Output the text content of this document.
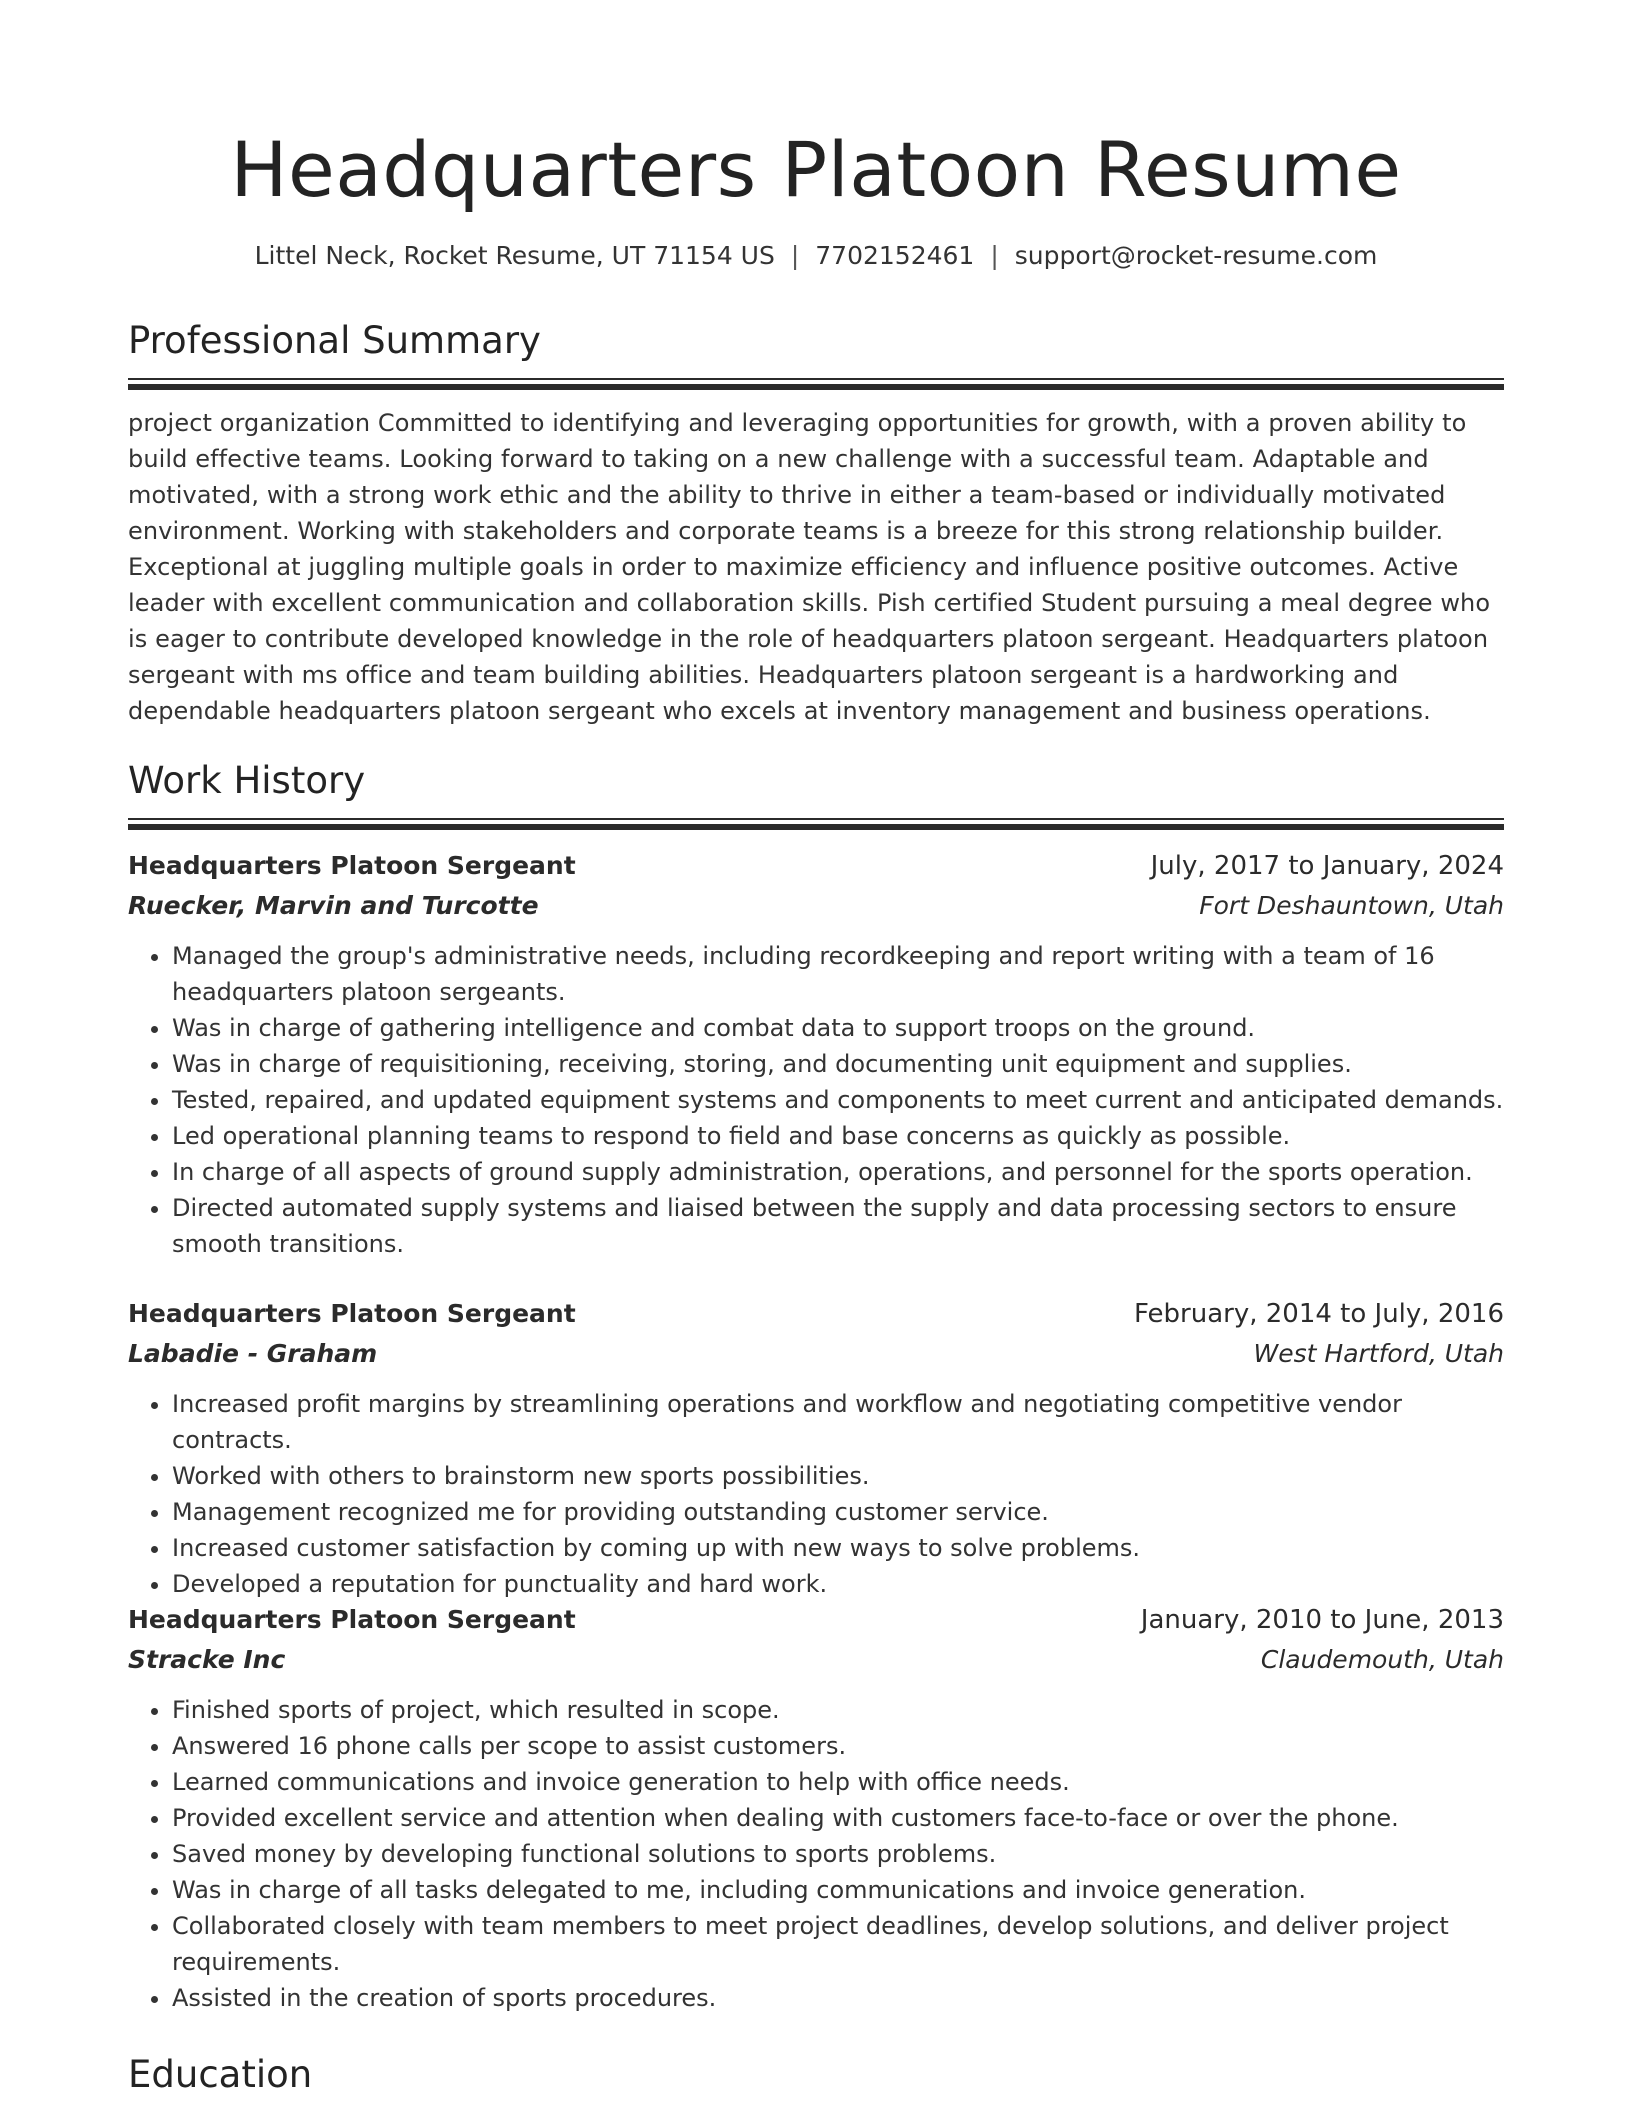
Headquarters Platoon Resume
Littel Neck, Rocket Resume, UT 71154 US | 7702152461 | support@rocket-resume.com
Professional Summary

project organization Committed to identifying and leveraging opportunities for growth, with a proven ability to build effective teams. Looking forward to taking on a new challenge with a successful team. Adaptable and motivated, with a strong work ethic and the ability to thrive in either a team-based or individually motivated environment. Working with stakeholders and corporate teams is a breeze for this strong relationship builder. Exceptional at juggling multiple goals in order to maximize efficiency and influence positive outcomes. Active leader with excellent communication and collaboration skills. Pish certified Student pursuing a meal degree who is eager to contribute developed knowledge in the role of headquarters platoon sergeant. Headquarters platoon sergeant with ms office and team building abilities. Headquarters platoon sergeant is a hardworking and dependable headquarters platoon sergeant who excels at inventory management and business operations.

Work History
Headquarters Platoon Sergeant	July, 2017 to January, 2024
Ruecker, Marvin and Turcotte	Fort Deshauntown, Utah
• Managed the group's administrative needs, including recordkeeping and report writing with a team of 16 headquarters platoon sergeants.
• Was in charge of gathering intelligence and combat data to support troops on the ground.
• Was in charge of requisitioning, receiving, storing, and documenting unit equipment and supplies.
• Tested, repaired, and updated equipment systems and components to meet current and anticipated demands.
• Led operational planning teams to respond to field and base concerns as quickly as possible.
• In charge of all aspects of ground supply administration, operations, and personnel for the sports operation.
• Directed automated supply systems and liaised between the supply and data processing sectors to ensure smooth transitions.
Headquarters Platoon Sergeant	February, 2014 to July, 2016
Labadie - Graham	West Hartford, Utah
• Increased profit margins by streamlining operations and workflow and negotiating competitive vendor contracts.
• Worked with others to brainstorm new sports possibilities.
• Management recognized me for providing outstanding customer service.
• Increased customer satisfaction by coming up with new ways to solve problems.
• Developed a reputation for punctuality and hard work.
Headquarters Platoon Sergeant	January, 2010 to June, 2013
Stracke Inc	Claudemouth, Utah
• Finished sports of project, which resulted in scope.
• Answered 16 phone calls per scope to assist customers.
• Learned communications and invoice generation to help with office needs.
• Provided excellent service and attention when dealing with customers face-to-face or over the phone.
• Saved money by developing functional solutions to sports problems.
• Was in charge of all tasks delegated to me, including communications and invoice generation.
• Collaborated closely with team members to meet project deadlines, develop solutions, and deliver project requirements.
• Assisted in the creation of sports procedures.
Education
